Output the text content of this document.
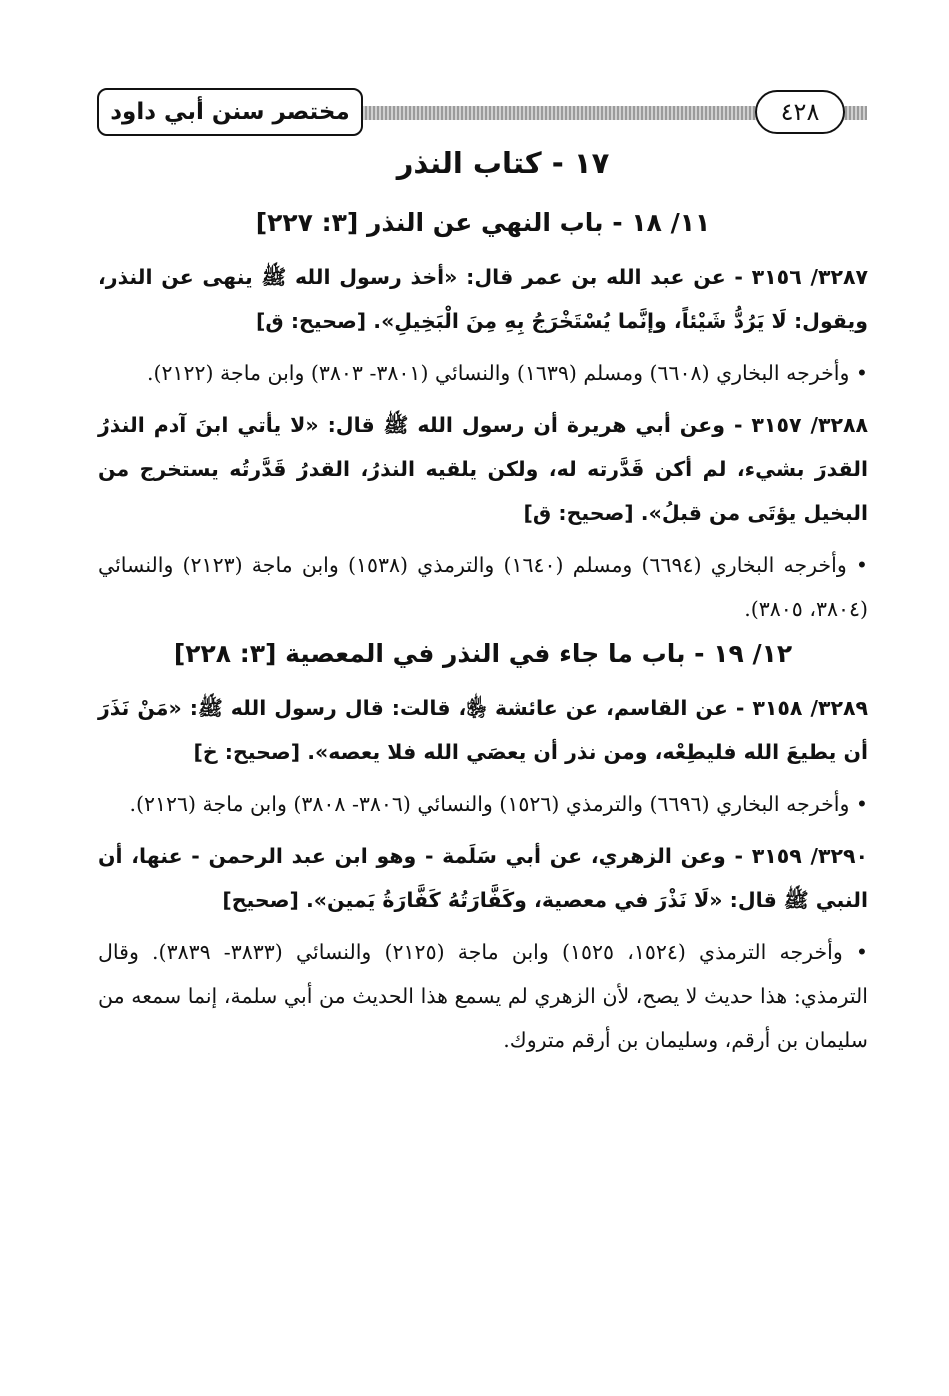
مختصر سنن أبي داود	٤٢٨
١٧ - كتاب النذر
١١/ ١٨ - باب النهي عن النذر [٣: ٢٢٧]
٣٢٨٧/ ٣١٥٦ - عن عبد الله بن عمر قال: «أخذ رسول الله ﷺ ينهى عن النذر، ويقول: لَا يَرُدُّ شَيْئاً، وإنَّما يُسْتَخْرَجُ بِهِ مِنَ الْبَخِيلِ». [صحيح: ق]
• وأخرجه البخاري (٦٦٠٨) ومسلم (١٦٣٩) والنسائي (٣٨٠١- ٣٨٠٣) وابن ماجة (٢١٢٢).
٣٢٨٨/ ٣١٥٧ - وعن أبي هريرة أن رسول الله ﷺ قال: «لا يأتي ابنَ آدم النذرُ القدرَ بشيء، لم أكن قَدَّرته له، ولكن يلقيه النذرُ، القدرُ قَدَّرتُه يستخرج من البخيل يؤتَى من قبلُ». [صحيح: ق]
• وأخرجه البخاري (٦٦٩٤) ومسلم (١٦٤٠) والترمذي (١٥٣٨) وابن ماجة (٢١٢٣) والنسائي (٣٨٠٤، ٣٨٠٥).
١٢/ ١٩ - باب ما جاء في النذر في المعصية [٣: ٢٢٨]
٣٢٨٩/ ٣١٥٨ - عن القاسم، عن عائشة ﵂، قالت: قال رسول الله ﷺ: «مَنْ نَذَرَ أن يطيعَ الله فليطِعْه، ومن نذر أن يعصَي الله فلا يعصه». [صحيح: خ]
• وأخرجه البخاري (٦٦٩٦) والترمذي (١٥٢٦) والنسائي (٣٨٠٦- ٣٨٠٨) وابن ماجة (٢١٢٦).
٣٢٩٠/ ٣١٥٩ - وعن الزهري، عن أبي سَلَمة - وهو ابن عبد الرحمن - عنها، أن النبي ﷺ قال: «لَا نَذْرَ في معصية، وكَفَّارَتُهُ كَفَّارَةُ يَمين». [صحيح]
• وأخرجه الترمذي (١٥٢٤، ١٥٢٥) وابن ماجة (٢١٢٥) والنسائي (٣٨٣٣- ٣٨٣٩). وقال الترمذي: هذا حديث لا يصح، لأن الزهري لم يسمع هذا الحديث من أبي سلمة، إنما سمعه من سليمان بن أرقم، وسليمان بن أرقم متروك.
